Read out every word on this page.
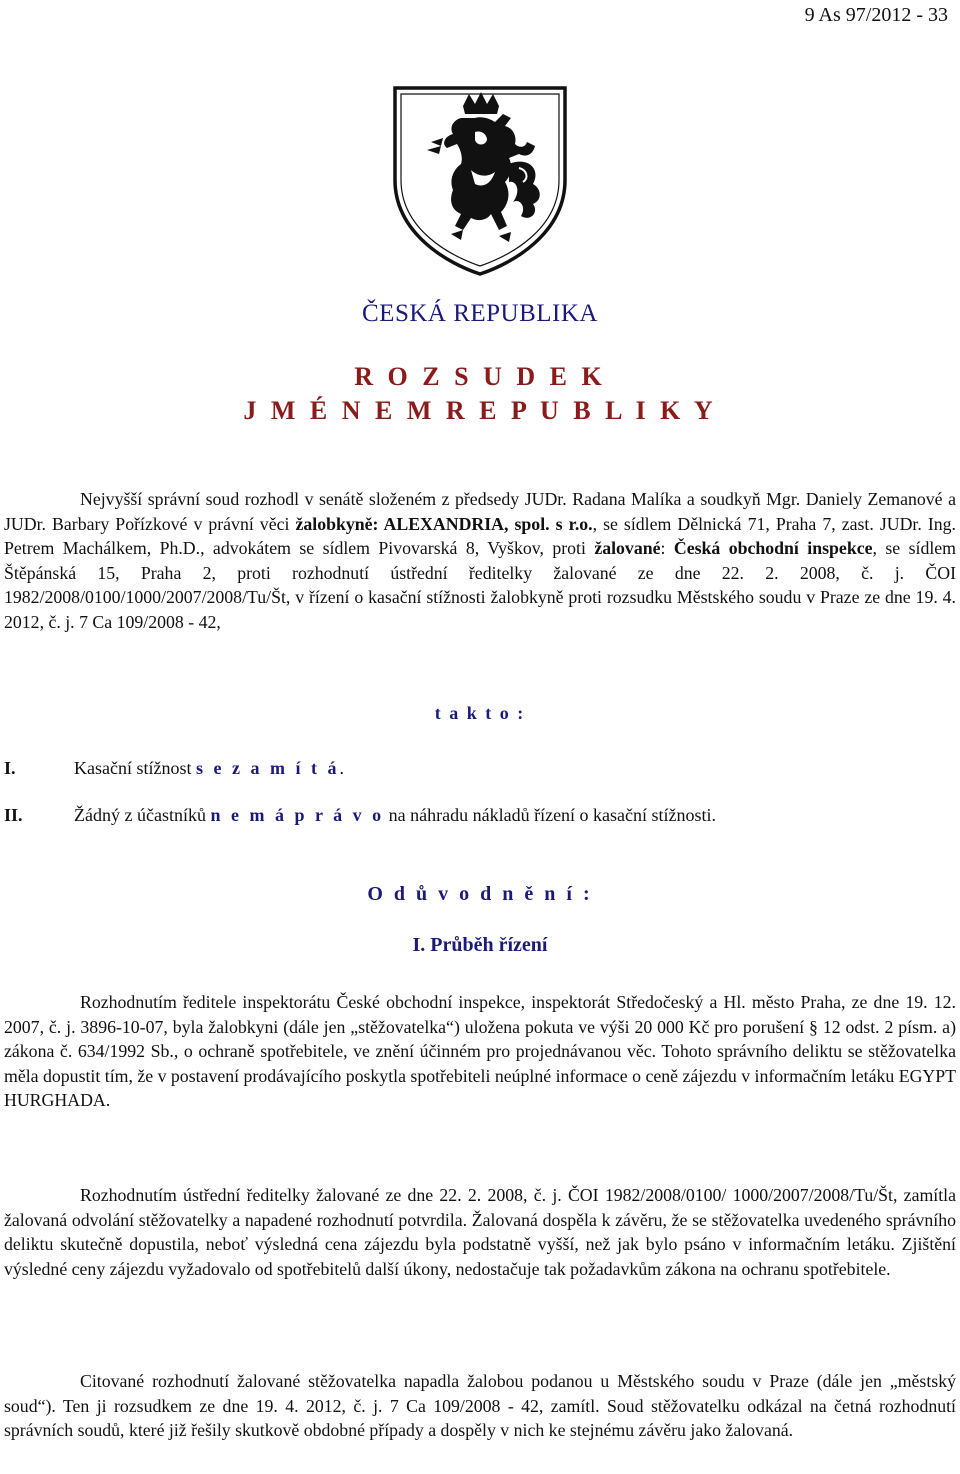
9 As 97/2012 - 33
ČESKÁ REPUBLIKA
R O Z S U D E K
J M É N E M R E P U B L I K Y
Nejvyšší správní soud rozhodl v senátě složeném z předsedy JUDr. Radana Malíka a soudkyň Mgr. Daniely Zemanové a JUDr. Barbary Pořízkové v právní věci žalobkyně: ALEXANDRIA, spol. s r.o., se sídlem Dělnická 71, Praha 7, zast. JUDr. Ing. Petrem Machálkem, Ph.D., advokátem se sídlem Pivovarská 8, Vyškov, proti žalované: Česká obchodní inspekce, se sídlem Štěpánská 15, Praha 2, proti rozhodnutí ústřední ředitelky žalované ze dne 22. 2. 2008, č. j. ČOI 1982/2008/0100/1000/2007/2008/Tu/Št, v řízení o kasační stížnosti žalobkyně proti rozsudku Městského soudu v Praze ze dne 19. 4. 2012, č. j. 7 Ca 109/2008 - 42,
t a k t o :
I.	Kasační stížnost s e z a m í t á.
II.	Žádný z účastníků n e m á p r á v o na náhradu nákladů řízení o kasační stížnosti.
O d ů v o d n ě n í :
I. Průběh řízení
Rozhodnutím ředitele inspektorátu České obchodní inspekce, inspektorát Středočeský a Hl. město Praha, ze dne 19. 12. 2007, č. j. 3896-10-07, byla žalobkyni (dále jen „stěžovatelka“) uložena pokuta ve výši 20 000 Kč pro porušení § 12 odst. 2 písm. a) zákona č. 634/1992 Sb., o ochraně spotřebitele, ve znění účinném pro projednávanou věc. Tohoto správního deliktu se stěžovatelka měla dopustit tím, že v postavení prodávajícího poskytla spotřebiteli neúplné informace o ceně zájezdu v informačním letáku EGYPT HURGHADA.
Rozhodnutím ústřední ředitelky žalované ze dne 22. 2. 2008, č. j. ČOI 1982/2008/0100/ 1000/2007/2008/Tu/Št, zamítla žalovaná odvolání stěžovatelky a napadené rozhodnutí potvrdila. Žalovaná dospěla k závěru, že se stěžovatelka uvedeného správního deliktu skutečně dopustila, neboť výsledná cena zájezdu byla podstatně vyšší, než jak bylo psáno v informačním letáku. Zjištění výsledné ceny zájezdu vyžadovalo od spotřebitelů další úkony, nedostačuje tak požadavkům zákona na ochranu spotřebitele.
Citované rozhodnutí žalované stěžovatelka napadla žalobou podanou u Městského soudu v Praze (dále jen „městský soud“). Ten ji rozsudkem ze dne 19. 4. 2012, č. j. 7 Ca 109/2008 - 42, zamítl. Soud stěžovatelku odkázal na četná rozhodnutí správních soudů, které již řešily skutkově obdobné případy a dospěly v nich ke stejnému závěru jako žalovaná.
